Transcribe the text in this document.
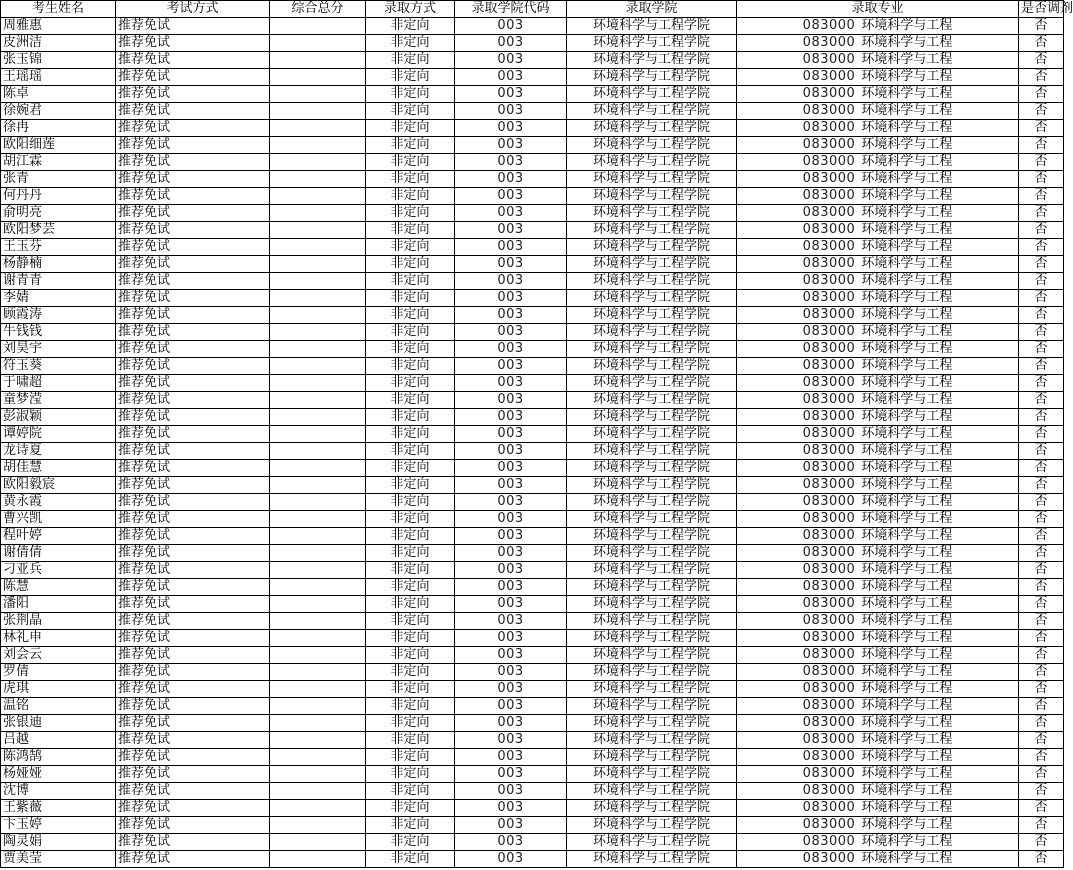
考生姓名	考试方式	综合总分	录取方式	录取学院代码	录取学院	录取专业	是否调剂
周雅惠	推荐免试		非定向	003	环境科学与工程学院	083000 环境科学与工程	否
皮洲洁	推荐免试		非定向	003	环境科学与工程学院	083000 环境科学与工程	否
张玉锦	推荐免试		非定向	003	环境科学与工程学院	083000 环境科学与工程	否
王瑶瑶	推荐免试		非定向	003	环境科学与工程学院	083000 环境科学与工程	否
陈卓	推荐免试		非定向	003	环境科学与工程学院	083000 环境科学与工程	否
徐婉君	推荐免试		非定向	003	环境科学与工程学院	083000 环境科学与工程	否
徐冉	推荐免试		非定向	003	环境科学与工程学院	083000 环境科学与工程	否
欧阳细莲	推荐免试		非定向	003	环境科学与工程学院	083000 环境科学与工程	否
胡江霖	推荐免试		非定向	003	环境科学与工程学院	083000 环境科学与工程	否
张青	推荐免试		非定向	003	环境科学与工程学院	083000 环境科学与工程	否
何丹丹	推荐免试		非定向	003	环境科学与工程学院	083000 环境科学与工程	否
俞明亮	推荐免试		非定向	003	环境科学与工程学院	083000 环境科学与工程	否
欧阳梦芸	推荐免试		非定向	003	环境科学与工程学院	083000 环境科学与工程	否
王玉芬	推荐免试		非定向	003	环境科学与工程学院	083000 环境科学与工程	否
杨静楠	推荐免试		非定向	003	环境科学与工程学院	083000 环境科学与工程	否
谢青青	推荐免试		非定向	003	环境科学与工程学院	083000 环境科学与工程	否
李婧	推荐免试		非定向	003	环境科学与工程学院	083000 环境科学与工程	否
顾霞涛	推荐免试		非定向	003	环境科学与工程学院	083000 环境科学与工程	否
牛钱钱	推荐免试		非定向	003	环境科学与工程学院	083000 环境科学与工程	否
刘昊宇	推荐免试		非定向	003	环境科学与工程学院	083000 环境科学与工程	否
符玉葵	推荐免试		非定向	003	环境科学与工程学院	083000 环境科学与工程	否
于啸超	推荐免试		非定向	003	环境科学与工程学院	083000 环境科学与工程	否
童梦滢	推荐免试		非定向	003	环境科学与工程学院	083000 环境科学与工程	否
彭淑颖	推荐免试		非定向	003	环境科学与工程学院	083000 环境科学与工程	否
谭婷院	推荐免试		非定向	003	环境科学与工程学院	083000 环境科学与工程	否
龙诗夏	推荐免试		非定向	003	环境科学与工程学院	083000 环境科学与工程	否
胡佳慧	推荐免试		非定向	003	环境科学与工程学院	083000 环境科学与工程	否
欧阳毅宸	推荐免试		非定向	003	环境科学与工程学院	083000 环境科学与工程	否
黄永霞	推荐免试		非定向	003	环境科学与工程学院	083000 环境科学与工程	否
曹兴凯	推荐免试		非定向	003	环境科学与工程学院	083000 环境科学与工程	否
程叶婷	推荐免试		非定向	003	环境科学与工程学院	083000 环境科学与工程	否
谢倩倩	推荐免试		非定向	003	环境科学与工程学院	083000 环境科学与工程	否
刁亚兵	推荐免试		非定向	003	环境科学与工程学院	083000 环境科学与工程	否
陈慧	推荐免试		非定向	003	环境科学与工程学院	083000 环境科学与工程	否
潘阳	推荐免试		非定向	003	环境科学与工程学院	083000 环境科学与工程	否
张荆晶	推荐免试		非定向	003	环境科学与工程学院	083000 环境科学与工程	否
林礼申	推荐免试		非定向	003	环境科学与工程学院	083000 环境科学与工程	否
刘会云	推荐免试		非定向	003	环境科学与工程学院	083000 环境科学与工程	否
罗倩	推荐免试		非定向	003	环境科学与工程学院	083000 环境科学与工程	否
虎琪	推荐免试		非定向	003	环境科学与工程学院	083000 环境科学与工程	否
温铭	推荐免试		非定向	003	环境科学与工程学院	083000 环境科学与工程	否
张银迪	推荐免试		非定向	003	环境科学与工程学院	083000 环境科学与工程	否
吕越	推荐免试		非定向	003	环境科学与工程学院	083000 环境科学与工程	否
陈鸿鹄	推荐免试		非定向	003	环境科学与工程学院	083000 环境科学与工程	否
杨娅娅	推荐免试		非定向	003	环境科学与工程学院	083000 环境科学与工程	否
沈博	推荐免试		非定向	003	环境科学与工程学院	083000 环境科学与工程	否
王紫薇	推荐免试		非定向	003	环境科学与工程学院	083000 环境科学与工程	否
卞玉婷	推荐免试		非定向	003	环境科学与工程学院	083000 环境科学与工程	否
陶灵娟	推荐免试		非定向	003	环境科学与工程学院	083000 环境科学与工程	否
贾美莹	推荐免试		非定向	003	环境科学与工程学院	083000 环境科学与工程	否
